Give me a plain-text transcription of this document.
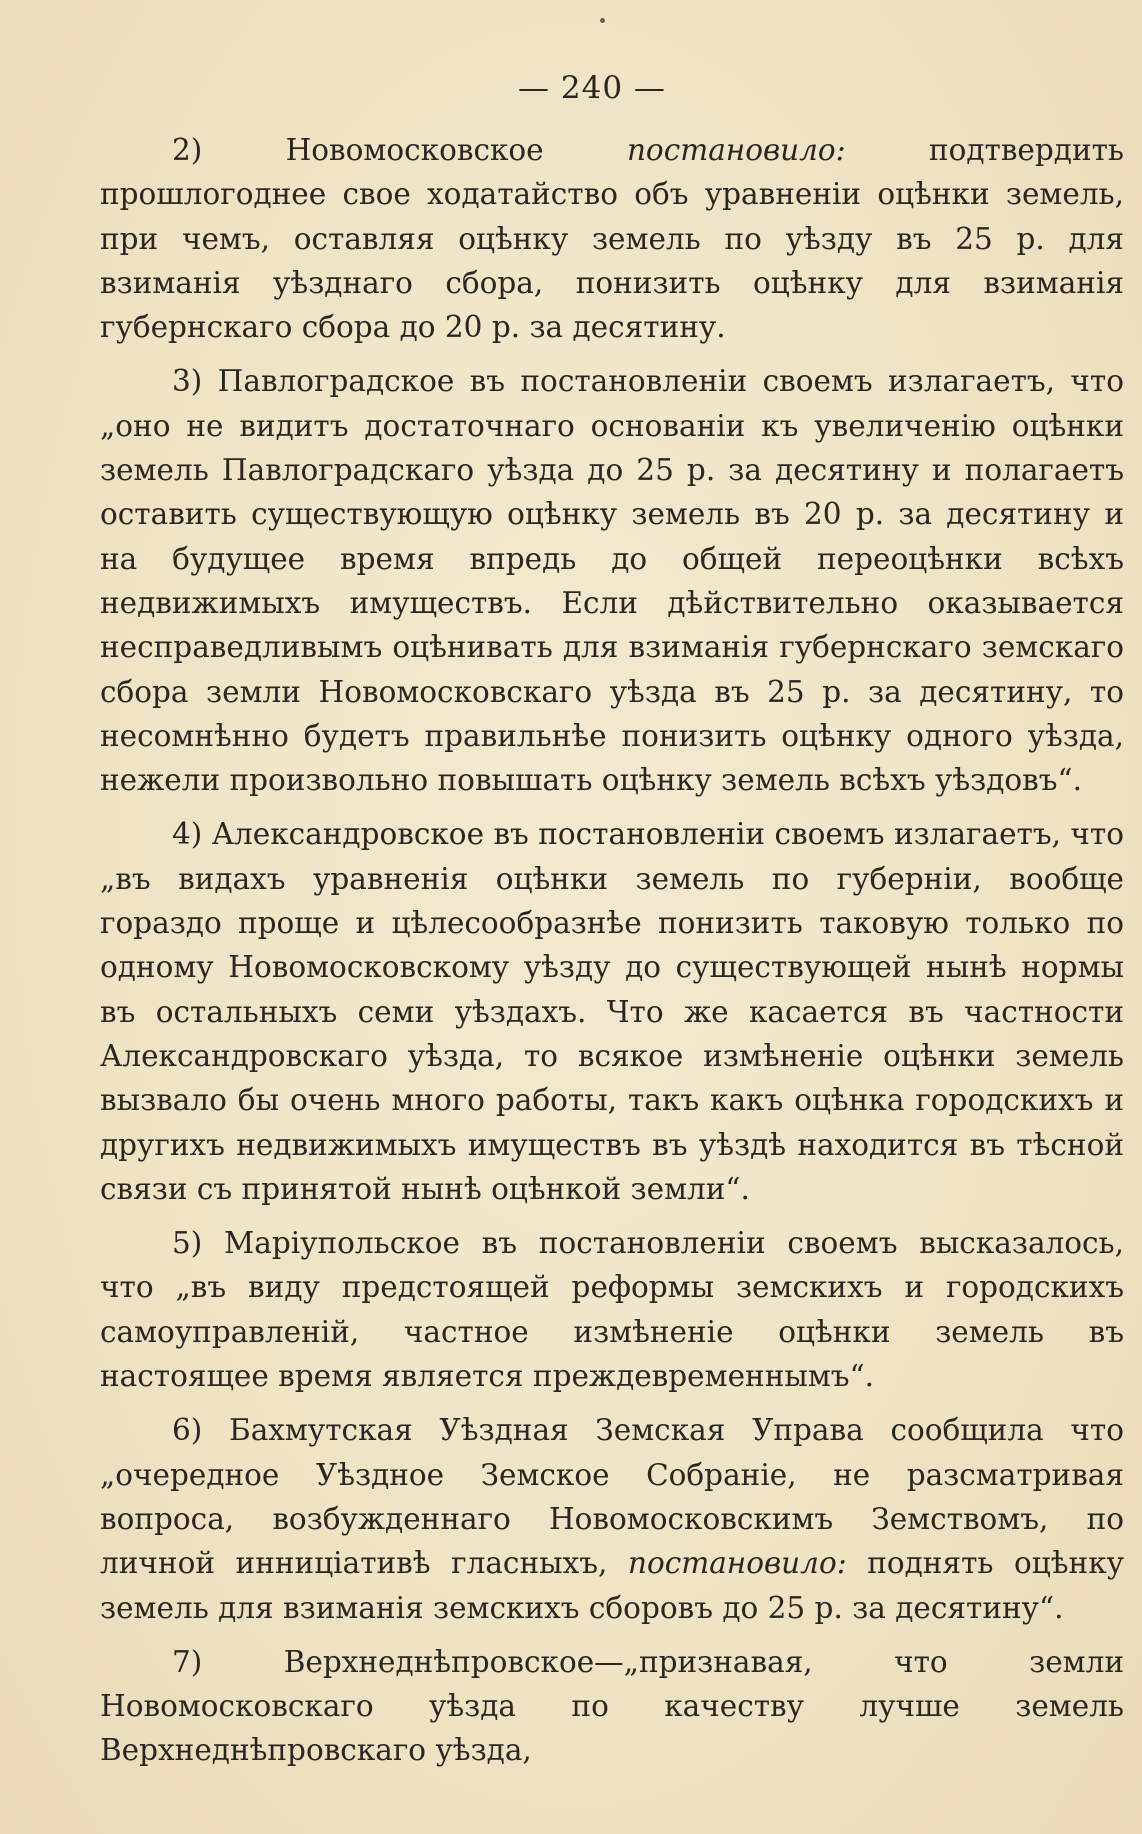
— 240 —

2) Новомосковское постановило: подтвердить прошлогоднее свое ходатайство объ уравненіи оцѣнки земель, при чемъ, оставляя оцѣнку земель по уѣзду въ 25 р. для взиманія уѣзднаго сбора, понизить оцѣнку для взиманія губернскаго сбора до 20 р. за десятину.

3) Павлоградское въ постановленіи своемъ излагаетъ, что „оно не видитъ достаточнаго основаніи къ увеличенію оцѣнки земель Павлоградскаго уѣзда до 25 р. за десятину и полагаетъ оставить существующую оцѣнку земель въ 20 р. за десятину и на будущее время впредь до общей переоцѣнки всѣхъ недвижимыхъ имуществъ. Если дѣйствительно оказывается несправедливымъ оцѣнивать для взиманія губернскаго земскаго сбора земли Новомосковскаго уѣзда въ 25 р. за десятину, то несомнѣнно будетъ правильнѣе понизить оцѣнку одного уѣзда, нежели произвольно повышать оцѣнку земель всѣхъ уѣздовъ“.

4) Александровское въ постановленіи своемъ излагаетъ, что „въ видахъ уравненія оцѣнки земель по губерніи, вообще гораздо проще и цѣлесообразнѣе понизить таковую только по одному Новомосковскому уѣзду до существующей нынѣ нормы въ остальныхъ семи уѣздахъ. Что же касается въ частности Александровскаго уѣзда, то всякое измѣненіе оцѣнки земель вызвало бы очень много работы, такъ какъ оцѣнка городскихъ и другихъ недвижимыхъ имуществъ въ уѣздѣ находится въ тѣсной связи съ принятой нынѣ оцѣнкой земли“.

5) Маріупольское въ постановленіи своемъ высказалось, что „въ виду предстоящей реформы земскихъ и городскихъ самоуправленій, частное измѣненіе оцѣнки земель въ настоящее время является преждевременнымъ“.

6) Бахмутская Уѣздная Земская Управа сообщила что „очередное Уѣздное Земское Собраніе, не разсматривая вопроса, возбужденнаго Новомосковскимъ Земствомъ, по личной инниціативѣ гласныхъ, постановило: поднять оцѣнку земель для взиманія земскихъ сборовъ до 25 р. за десятину“.

7) Верхнеднѣпровское—„признавая, что земли Новомосковскаго уѣзда по качеству лучше земель Верхнеднѣпровскаго уѣзда,
